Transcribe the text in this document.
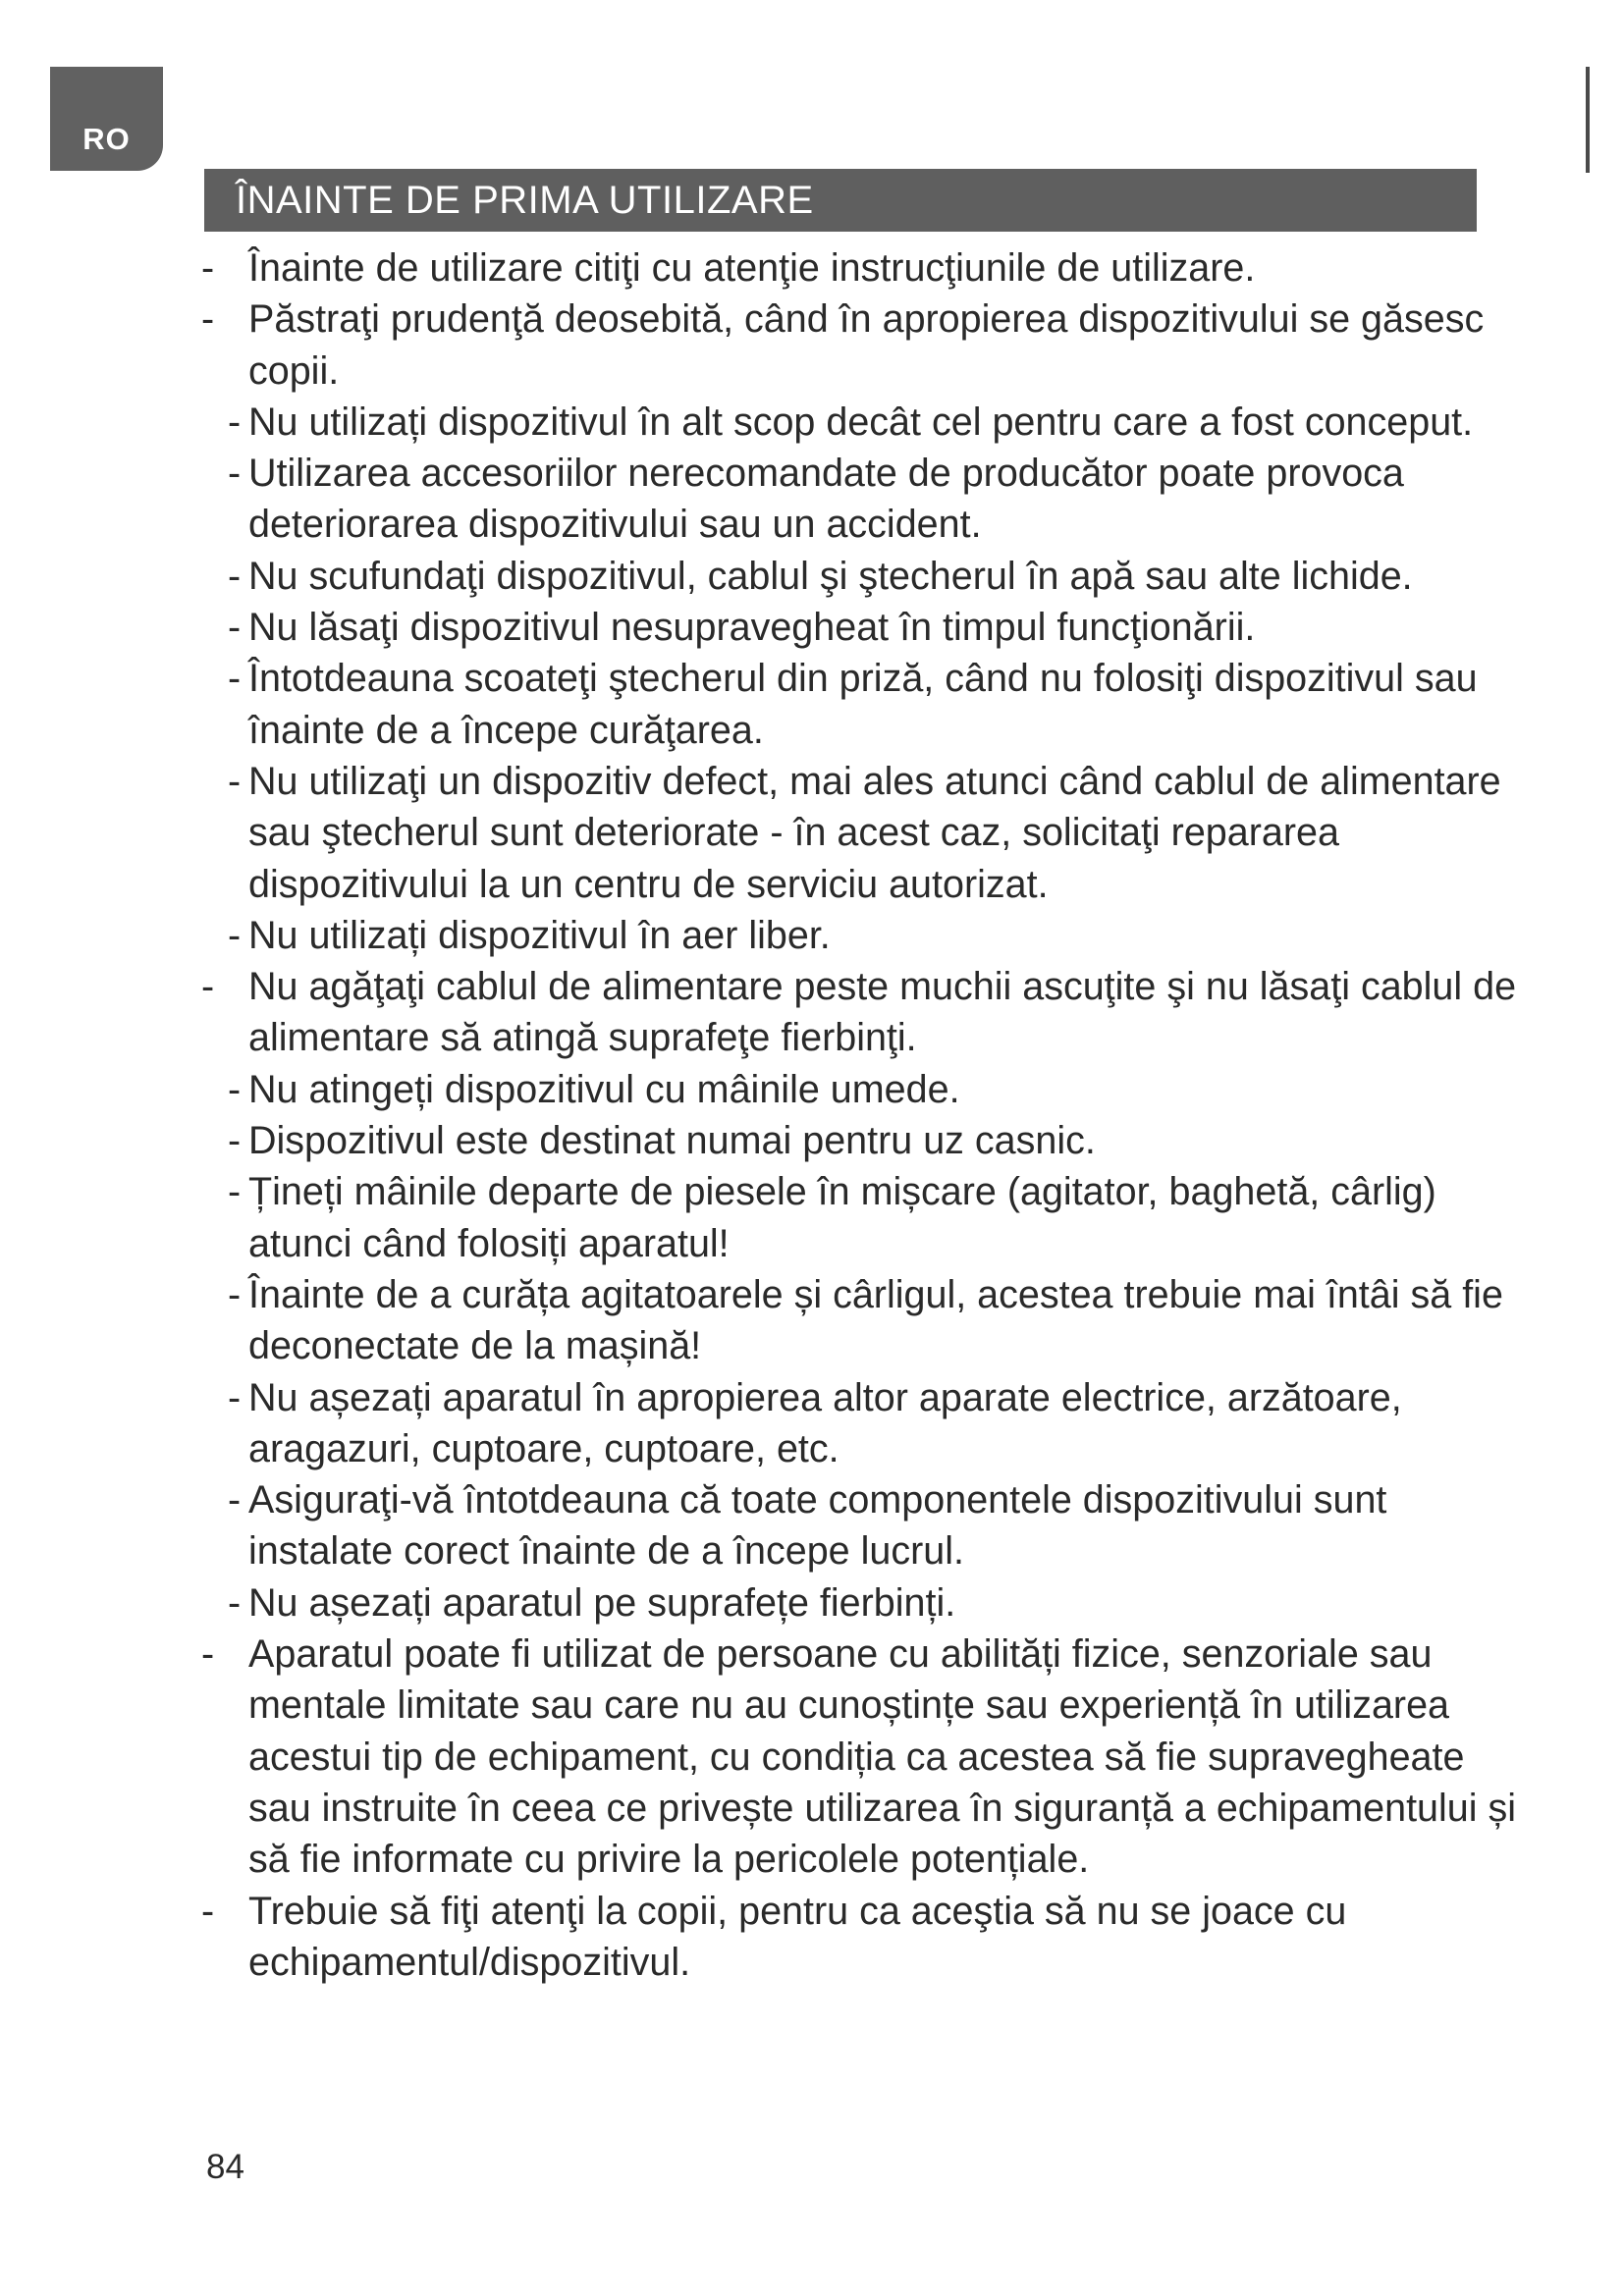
RO
ÎNAINTE DE PRIMA UTILIZARE
- Înainte de utilizare citiţi cu atenţie instrucţiunile de utilizare.
- Păstraţi prudenţă deosebită, când în apropierea dispozitivului se găsesc copii.
- Nu utilizați dispozitivul în alt scop decât cel pentru care a fost conceput.
- Utilizarea accesoriilor nerecomandate de producător poate provoca deteriorarea dispozitivului sau un accident.
- Nu scufundaţi dispozitivul, cablul şi ştecherul în apă sau alte lichide.
- Nu lăsaţi dispozitivul nesupravegheat în timpul funcţionării.
- Întotdeauna scoateţi ştecherul din priză, când nu folosiţi dispozitivul sau înainte de a începe curăţarea.
- Nu utilizaţi un dispozitiv defect, mai ales atunci când cablul de alimentare sau ştecherul sunt deteriorate - în acest caz, solicitaţi repararea dispozitivului la un centru de serviciu autorizat.
- Nu utilizați dispozitivul în aer liber.
- Nu agăţaţi cablul de alimentare peste muchii ascuţite şi nu lăsaţi cablul de alimentare să atingă suprafeţe fierbinţi.
- Nu atingeți dispozitivul cu mâinile umede.
- Dispozitivul este destinat numai pentru uz casnic.
- Țineți mâinile departe de piesele în mișcare (agitator, baghetă, cârlig) atunci când folosiți aparatul!
- Înainte de a curăța agitatoarele și cârligul, acestea trebuie mai întâi să fie deconectate de la mașină!
- Nu așezați aparatul în apropierea altor aparate electrice, arzătoare, aragazuri, cuptoare, cuptoare, etc.
- Asiguraţi-vă întotdeauna că toate componentele dispozitivului sunt instalate corect înainte de a începe lucrul.
- Nu așezați aparatul pe suprafețe fierbinți.
- Aparatul poate fi utilizat de persoane cu abilități fizice, senzoriale sau mentale limitate sau care nu au cunoștințe sau experiență în utilizarea acestui tip de echipament, cu condiția ca acestea să fie supravegheate sau instruite în ceea ce privește utilizarea în siguranță a echipamentului și să fie informate cu privire la pericolele potențiale.
- Trebuie să fiţi atenţi la copii, pentru ca aceştia să nu se joace cu echipamentul/dispozitivul.
84
